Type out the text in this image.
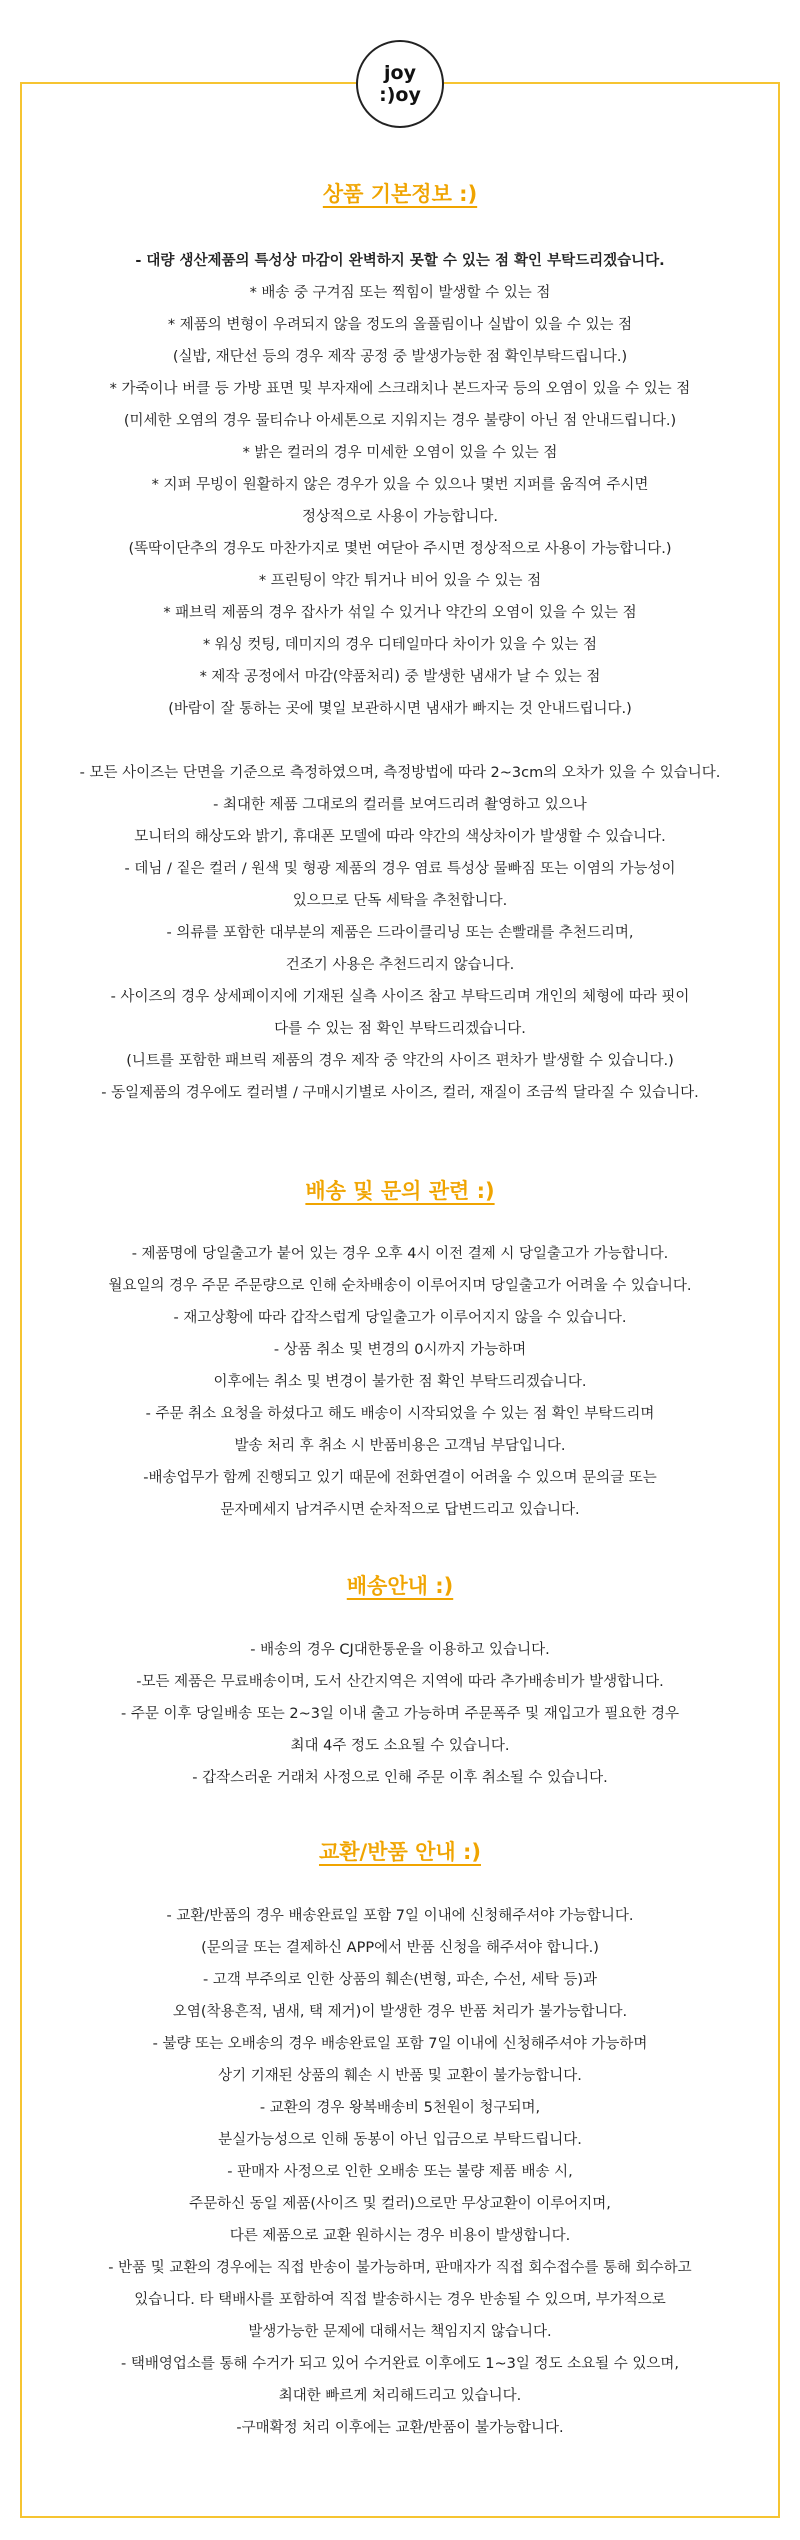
joy
:)oy
상품 기본정보 :)
- 대량 생산제품의 특성상 마감이 완벽하지 못할 수 있는 점 확인 부탁드리겠습니다.
* 배송 중 구겨짐 또는 찍힘이 발생할 수 있는 점
* 제품의 변형이 우려되지 않을 정도의 올풀림이나 실밥이 있을 수 있는 점
(실밥, 재단선 등의 경우 제작 공정 중 발생가능한 점 확인부탁드립니다.)
* 가죽이나 버클 등 가방 표면 및 부자재에 스크래치나 본드자국 등의 오염이 있을 수 있는 점
(미세한 오염의 경우 물티슈나 아세톤으로 지워지는 경우 불량이 아닌 점 안내드립니다.)
* 밝은 컬러의 경우 미세한 오염이 있을 수 있는 점
* 지퍼 무빙이 원활하지 않은 경우가 있을 수 있으나 몇번 지퍼를 움직여 주시면
정상적으로 사용이 가능합니다.
(똑딱이단추의 경우도 마찬가지로 몇번 여닫아 주시면 정상적으로 사용이 가능합니다.)
* 프린팅이 약간 튀거나 비어 있을 수 있는 점
* 패브릭 제품의 경우 잡사가 섞일 수 있거나 약간의 오염이 있을 수 있는 점
* 워싱 컷팅, 데미지의 경우 디테일마다 차이가 있을 수 있는 점
* 제작 공정에서 마감(약품처리) 중 발생한 냄새가 날 수 있는 점
(바람이 잘 통하는 곳에 몇일 보관하시면 냄새가 빠지는 것 안내드립니다.)
- 모든 사이즈는 단면을 기준으로 측정하였으며, 측정방법에 따라 2~3cm의 오차가 있을 수 있습니다.
- 최대한 제품 그대로의 컬러를 보여드리려 촬영하고 있으나
모니터의 해상도와 밝기, 휴대폰 모델에 따라 약간의 색상차이가 발생할 수 있습니다.
- 데님 / 짙은 컬러 / 원색 및 형광 제품의 경우 염료 특성상 물빠짐 또는 이염의 가능성이
있으므로 단독 세탁을 추천합니다.
- 의류를 포함한 대부분의 제품은 드라이클리닝 또는 손빨래를 추천드리며,
건조기 사용은 추천드리지 않습니다.
- 사이즈의 경우 상세페이지에 기재된 실측 사이즈 참고 부탁드리며 개인의 체형에 따라 핏이
다를 수 있는 점 확인 부탁드리겠습니다.
(니트를 포함한 패브릭 제품의 경우 제작 중 약간의 사이즈 편차가 발생할 수 있습니다.)
- 동일제품의 경우에도 컬러별 / 구매시기별로 사이즈, 컬러, 재질이 조금씩 달라질 수 있습니다.
배송 및 문의 관련 :)
- 제품명에 당일출고가 붙어 있는 경우 오후 4시 이전 결제 시 당일출고가 가능합니다.
월요일의 경우 주문 주문량으로 인해 순차배송이 이루어지며 당일출고가 어려울 수 있습니다.
- 재고상황에 따라 갑작스럽게 당일출고가 이루어지지 않을 수 있습니다.
- 상품 취소 및 변경의 0시까지 가능하며
이후에는 취소 및 변경이 불가한 점 확인 부탁드리겠습니다.
- 주문 취소 요청을 하셨다고 해도 배송이 시작되었을 수 있는 점 확인 부탁드리며
발송 처리 후 취소 시 반품비용은 고객님 부담입니다.
-배송업무가 함께 진행되고 있기 때문에 전화연결이 어려울 수 있으며 문의글 또는
문자메세지 남겨주시면 순차적으로 답변드리고 있습니다.
배송안내 :)
- 배송의 경우 CJ대한통운을 이용하고 있습니다.
-모든 제품은 무료배송이며, 도서 산간지역은 지역에 따라 추가배송비가 발생합니다.
- 주문 이후 당일배송 또는 2~3일 이내 출고 가능하며 주문폭주 및 재입고가 필요한 경우
최대 4주 정도 소요될 수 있습니다.
- 갑작스러운 거래처 사정으로 인해 주문 이후 취소될 수 있습니다.
교환/반품 안내 :)
- 교환/반품의 경우 배송완료일 포함 7일 이내에 신청해주셔야 가능합니다.
(문의글 또는 결제하신 APP에서 반품 신청을 해주셔야 합니다.)
- 고객 부주의로 인한 상품의 훼손(변형, 파손, 수선, 세탁 등)과
오염(착용흔적, 냄새, 택 제거)이 발생한 경우 반품 처리가 불가능합니다.
- 불량 또는 오배송의 경우 배송완료일 포함 7일 이내에 신청해주셔야 가능하며
상기 기재된 상품의 훼손 시 반품 및 교환이 불가능합니다.
- 교환의 경우 왕복배송비 5천원이 청구되며,
분실가능성으로 인해 동봉이 아닌 입금으로 부탁드립니다.
- 판매자 사정으로 인한 오배송 또는 불량 제품 배송 시,
주문하신 동일 제품(사이즈 및 컬러)으로만 무상교환이 이루어지며,
다른 제품으로 교환 원하시는 경우 비용이 발생합니다.
- 반품 및 교환의 경우에는 직접 반송이 불가능하며, 판매자가 직접 회수접수를 통해 회수하고
있습니다. 타 택배사를 포함하여 직접 발송하시는 경우 반송될 수 있으며, 부가적으로
발생가능한 문제에 대해서는 책임지지 않습니다.
- 택배영업소를 통해 수거가 되고 있어 수거완료 이후에도 1~3일 정도 소요될 수 있으며,
최대한 빠르게 처리해드리고 있습니다.
-구매확정 처리 이후에는 교환/반품이 불가능합니다.
